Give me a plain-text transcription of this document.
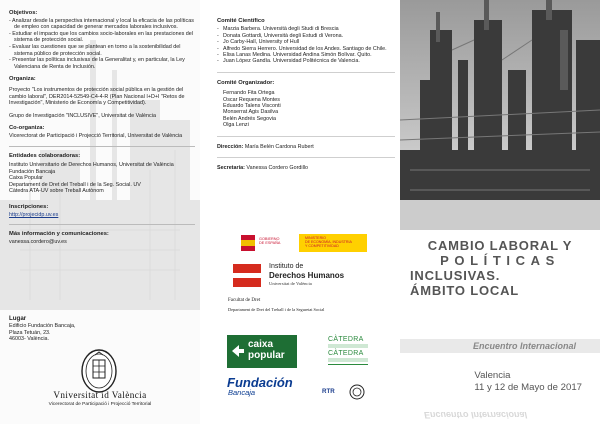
Objetivos:
- Analizar desde la perspectiva internacional y local la eficacia de las políticas de empleo con capacidad de generar mercados laborales inclusivos.
- Estudiar el impacto que los cambios socio-laborales en las prestaciones del sistema de protección social.
- Evaluar las cuestiones que se plantean en torno a la sostenibilidad del sistema público de protección social.
- Presentar las políticas inclusivas de la Generalitat y, en particular, la Ley Valenciana de Renta de Inclusión.
Organiza:
Proyecto "Los instrumentos de protección social pública en la gestión del cambio laboral", DER2014-52549-C4-4-R (Plan Nacional I+D+I "Retos de Investigación", Ministerio de Economía y Competitividad).
Grupo de Investigación "INCLUSIVE", Universitat de València
Co-organiza:
Vicerectorat de Participació i Projecció Territorial, Universitat de València
Entidades colaboradoras:
Instituto Universitario de Derechos Humanos, Universitat de València
Fundación Bancaja
Caixa Popular
Departament de Dret del Treball i de la Seg. Social. UV
Càtedra ATA-UV sobre Treball Autònom
Inscripciones:
http://projecidp.uv.es
Más información y comunicaciones:
vanessa.cordero@uv.es
Lugar
Edificio Fundación Bancaja,
Plaza Tetuán, 23.
46003- València.
Vniversitat id València
Vicerectorat de Participació i Projecció Territorial
Comité Científico
- Marzia Barbera. Università degli Studi di Brescia
- Donata Gottardi, Università degli Estudi di Verona.
- Jo Carby-Hall, University of Hull
- Alfredo Sierra Herrero. Universidad de los Andes. Santiago de Chile.
- Elisa Lanas Medina. Universidad Andina Simón Bolívar. Quito.
- Juan López Gandía. Universidad Politécnica de Valencia.
Comité Organizador:
Fernando Fita Ortega
Oscar Requena Montes
Eduardo Talens Visconti
Monserrat Agis Dasilva
Belén Andrés Segovia
Olga Lenzi
Dirección: María Belén Cardona Rubert
Secretaría: Vanessa Cordero Gordillo
GOBIERNO
DE ESPAÑA
MINISTERIO
DE ECONOMÍA, INDUSTRIA
Y COMPETITIVIDAD
Instituto de
Derechos Humanos
Universitat de València
Facultat de Dret
Departament de Dret del Treball i de la Seguretat Social
caixa
popular
CÀTEDRA
CÀTEDRA
Fundación
Bancaja	RTR
CAMBIO LABORAL Y
POLÍTICAS
INCLUSIVAS.
ÁMBITO LOCAL
Encuentro Internacional
Valencia
11 y 12 de Mayo de 2017
Encuentro Internacional
